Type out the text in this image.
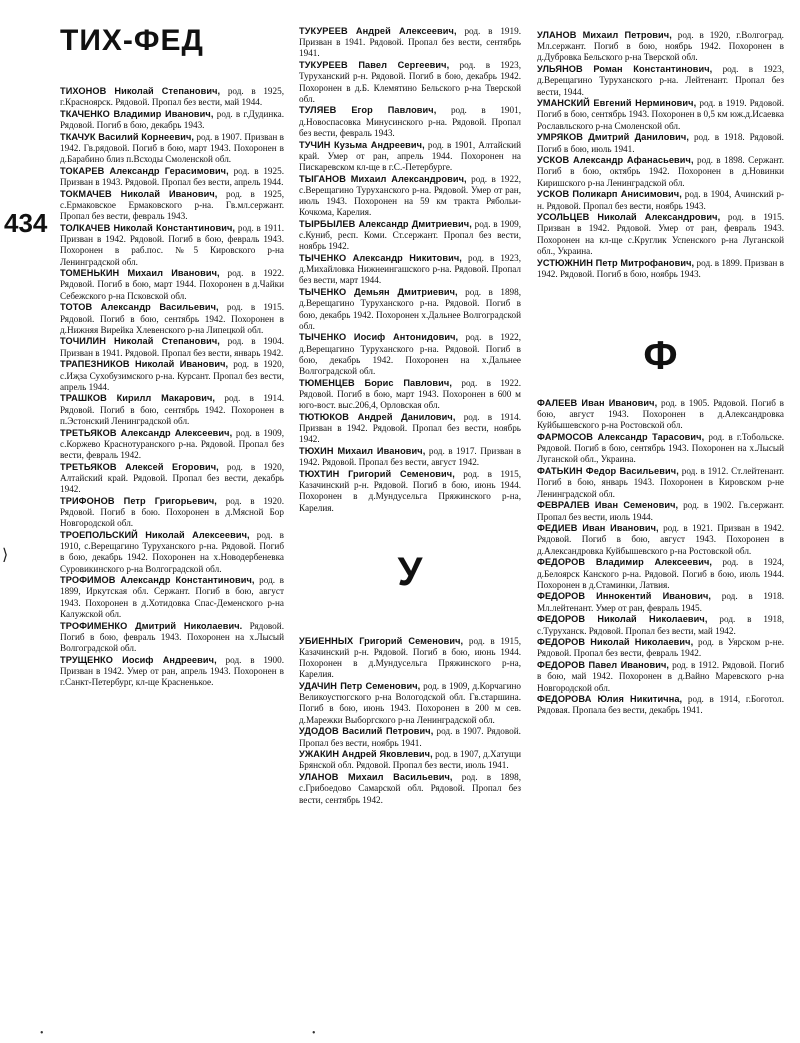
ТИХ-ФЕД
434
ТИХОНОВ Николай Степанович, род. в 1925, г.Красноярск. Рядовой. Пропал без вести, май 1944.
ТКАЧЕНКО Владимир Иванович, род. в г.Дудинка. Рядовой. Погиб в бою, декабрь 1943.
ТКАЧУК Василий Корнеевич, род. в 1907. Призван в 1942. Гв.рядовой. Погиб в бою, март 1943. Похоронен в д.Барабино близ п.Всходы Смоленской обл.
ТОКАРЕВ Александр Герасимович, род. в 1925. Призван в 1943. Рядовой. Пропал без вести, апрель 1944.
ТОКМАЧЕВ Николай Иванович, род. в 1925, с.Ермаковское Ермаковского р-на. Гв.мл.сержант. Пропал без вести, февраль 1943.
ТОЛКАЧЕВ Николай Константинович, род. в 1911. Призван в 1942. Рядовой. Погиб в бою, февраль 1943. Похоронен в раб.пос. №5 Кировского р-на Ленинградской обл.
ТОМЕНЬКИН Михаил Иванович, род. в 1922. Рядовой. Погиб в бою, март 1944. Похоронен в д.Чайки Себежского р-на Псковской обл.
ТОТОВ Александр Васильевич, род. в 1915. Рядовой. Погиб в бою, сентябрь 1942. Похоронен в д.Нижняя Вирейка Хлевенского р-на Липецкой обл.
ТОЧИЛИН Николай Степанович, род. в 1904. Призван в 1941. Рядовой. Пропал без вести, январь 1942.
ТРАПЕЗНИКОВ Николай Иванович, род. в 1920, с.Иҗза Сухобузимского р-на. Курсант. Пропал без вести, апрель 1944.
ТРАШКОВ Кирилл Макарович, род. в 1914. Рядовой. Погиб в бою, сентябрь 1942. Похоронен в п.Эстонский Ленинградской обл.
ТРЕТЬЯКОВ Александр Алексеевич, род. в 1909, с.Коржево Краснотуранского р-на. Рядовой. Пропал без вести, февраль 1942.
ТРЕТЬЯКОВ Алексей Егорович, род. в 1920, Алтайский край. Рядовой. Пропал без вести, декабрь 1942.
ТРИФОНОВ Петр Григорьевич, род. в 1920. Рядовой. Погиб в бою. Похоронен в д.Мясной Бор Новгородской обл.
ТРОЕПОЛЬСКИЙ Николай Алексеевич, род. в 1910, с.Верещагино Туруханского р-на. Рядовой. Погиб в бою, декабрь 1942. Похоронен на х.Новодербеневка Суровикинского р-на Волгоградской обл.
ТРОФИМОВ Александр Константинович, род. в 1899, Иркутская обл. Сержант. Погиб в бою, август 1943. Похоронен в д.Хотидовка Спас-Деменского р-на Калужской обл.
ТРОФИМЕНКО Дмитрий Николаевич. Рядовой. Погиб в бою, февраль 1943. Похоронен на х.Лысый Волгоградской обл.
ТРУЩЕНКО Иосиф Андреевич, род. в 1900. Призван в 1942. Умер от ран, апрель 1943. Похоронен в г.Санкт-Петербург, кл-ще Красненькое.
ТУКУРЕЕВ Андрей Алексеевич, род. в 1919. Призван в 1941. Рядовой. Пропал без вести, сентябрь 1941.
ТУКУРЕЕВ Павел Сергеевич, род. в 1923, Туруханский р-н. Рядовой. Погиб в бою, декабрь 1942. Похоронен в д.Б. Клемятино Бельского р-на Тверской обл.
ТУЛЯЕВ Егор Павлович, род. в 1901, д.Новоспасовка Минусинского р-на. Рядовой. Пропал без вести, февраль 1943.
ТУЧИН Кузьма Андреевич, род. в 1901, Алтайский край. Умер от ран, апрель 1944. Похоронен на Пискаревском кл-ще в г.С.-Петербурге.
ТЫГАНОВ Михаил Александрович, род. в 1922, с.Верещагино Туруханского р-на. Рядовой. Умер от ран, июль 1943. Похоронен на 59 км тракта Рябольи-Кочкома, Карелия.
ТЫРБЫЛЕВ Александр Дмитриевич, род. в 1909, с.Куниб, респ. Коми. Ст.сержант. Пропал без вести, ноябрь 1942.
ТЫЧЕНКО Александр Никитович, род. в 1923, д.Михайловка Нижнеингашского р-на. Рядовой. Пропал без вести, март 1944.
ТЫЧЕНКО Демьян Дмитриевич, род. в 1898, д.Верещагино Туруханского р-на. Рядовой. Погиб в бою, декабрь 1942. Похоронен х.Дальнее Волгоградской обл.
ТЫЧЕНКО Иосиф Антонидович, род. в 1922, д.Верещагино Туруханского р-на. Рядовой. Погиб в бою, декабрь 1942. Похоронен на х.Дальнее Волгоградской обл.
ТЮМЕНЦЕВ Борис Павлович, род. в 1922. Рядовой. Погиб в бою, март 1943. Похоронен в 600 м юго-вост. выс.206,4, Орловская обл.
ТЮТЮКОВ Андрей Данилович, род. в 1914. Призван в 1942. Рядовой. Пропал без вести, ноябрь 1942.
ТЮХИН Михаил Иванович, род. в 1917. Призван в 1942. Рядовой. Пропал без вести, август 1942.
ТЮХТИН Григорий Семенович, род. в 1915, Казачинский р-н. Рядовой. Погиб в бою, июнь 1944. Похоронен в д.Мундусельга Пряжинского р-на, Карелия.
У
УБИЕННЫХ Григорий Семенович, род. в 1915, Казачинский р-н. Рядовой. Погиб в бою, июнь 1944. Похоронен в д.Мундусельга Пряжинского р-на, Карелия.
УДАЧИН Петр Семенович, род. в 1909, д.Корчагино Великоустюгского р-на Вологодской обл. Гв.старшина. Погиб в бою, июнь 1943. Похоронен в 200 м сев. д.Марежки Выборгского р-на Ленинградской обл.
УДОДОВ Василий Петрович, род. в 1907. Рядовой. Пропал без вести, ноябрь 1941.
УЖАКИН Андрей Яковлевич, род. в 1907, д.Хатущи Брянской обл. Рядовой. Пропал без вести, июль 1941.
УЛАНОВ Михаил Васильевич, род. в 1898, с.Грибоедово Самарской обл. Рядовой. Пропал без вести, сентябрь 1942.
УЛАНОВ Михаил Петрович, род. в 1920, г.Волгоград. Мл.сержант. Погиб в бою, ноябрь 1942. Похоронен в д.Дубровка Бельского р-на Тверской обл.
УЛЬЯНОВ Роман Константинович, род. в 1923, д.Верещагино Туруханского р-на. Лейтенант. Пропал без вести, 1944.
УМАНСКИЙ Евгений Нерминович, род. в 1919. Рядовой. Погиб в бою, сентябрь 1943. Похоронен в 0,5 км юж.д.Исаевка Рославльского р-на Смоленской обл.
УМРЯКОВ Дмитрий Данилович, род. в 1918. Рядовой. Погиб в бою, июль 1941.
УСКОВ Александр Афанасьевич, род. в 1898. Сержант. Погиб в бою, октябрь 1942. Похоронен в д.Новинки Киришского р-на Ленинградской обл.
УСКОВ Поликарп Анисимович, род. в 1904, Ачинский р-н. Рядовой. Пропал без вести, ноябрь 1943.
УСОЛЬЦЕВ Николай Александрович, род. в 1915. Призван в 1942. Рядовой. Умер от ран, февраль 1943. Похоронен на кл-ще с.Круглик Успенского р-на Луганской обл., Украина.
УСТЮЖНИН Петр Митрофанович, род. в 1899. Призван в 1942. Рядовой. Погиб в бою, ноябрь 1943.
Ф
ФАЛЕЕВ Иван Иванович, род. в 1905. Рядовой. Погиб в бою, август 1943. Похоронен в д.Александровка Куйбышевского р-на Ростовской обл.
ФАРМОСОВ Александр Тарасович, род. в г.Тобольске. Рядовой. Погиб в бою, сентябрь 1943. Похоронен на х.Лысый Луганской обл., Украина.
ФАТЬКИН Федор Васильевич, род. в 1912. Ст.лейтенант. Погиб в бою, январь 1943. Похоронен в Кировском р-не Ленинградской обл.
ФЕВРАЛЕВ Иван Семенович, род. в 1902. Гв.сержант. Пропал без вести, июль 1944.
ФЕДИЕВ Иван Иванович, род. в 1921. Призван в 1942. Рядовой. Погиб в бою, август 1943. Похоронен в д.Александровка Куйбышевского р-на Ростовской обл.
ФЕДОРОВ Владимир Алексеевич, род. в 1924, д.Белоярск Канского р-на. Рядовой. Погиб в бою, июль 1944. Похоронен в д.Стаминки, Латвия.
ФЕДОРОВ Иннокентий Иванович, род. в 1918. Мл.лейтенант. Умер от ран, февраль 1945.
ФЕДОРОВ Николай Николаевич, род. в 1918, с.Туруханск. Рядовой. Пропал без вести, май 1942.
ФЕДОРОВ Николай Николаевич, род. в Уярском р-не. Рядовой. Пропал без вести, февраль 1942.
ФЕДОРОВ Павел Иванович, род. в 1912. Рядовой. Погиб в бою, май 1942. Похоронен в д.Вайно Маревского р-на Новгородской обл.
ФЕДОРОВА Юлия Никитична, род. в 1914, г.Боготол. Рядовая. Пропала без вести, декабрь 1941.
⟩
•	•
